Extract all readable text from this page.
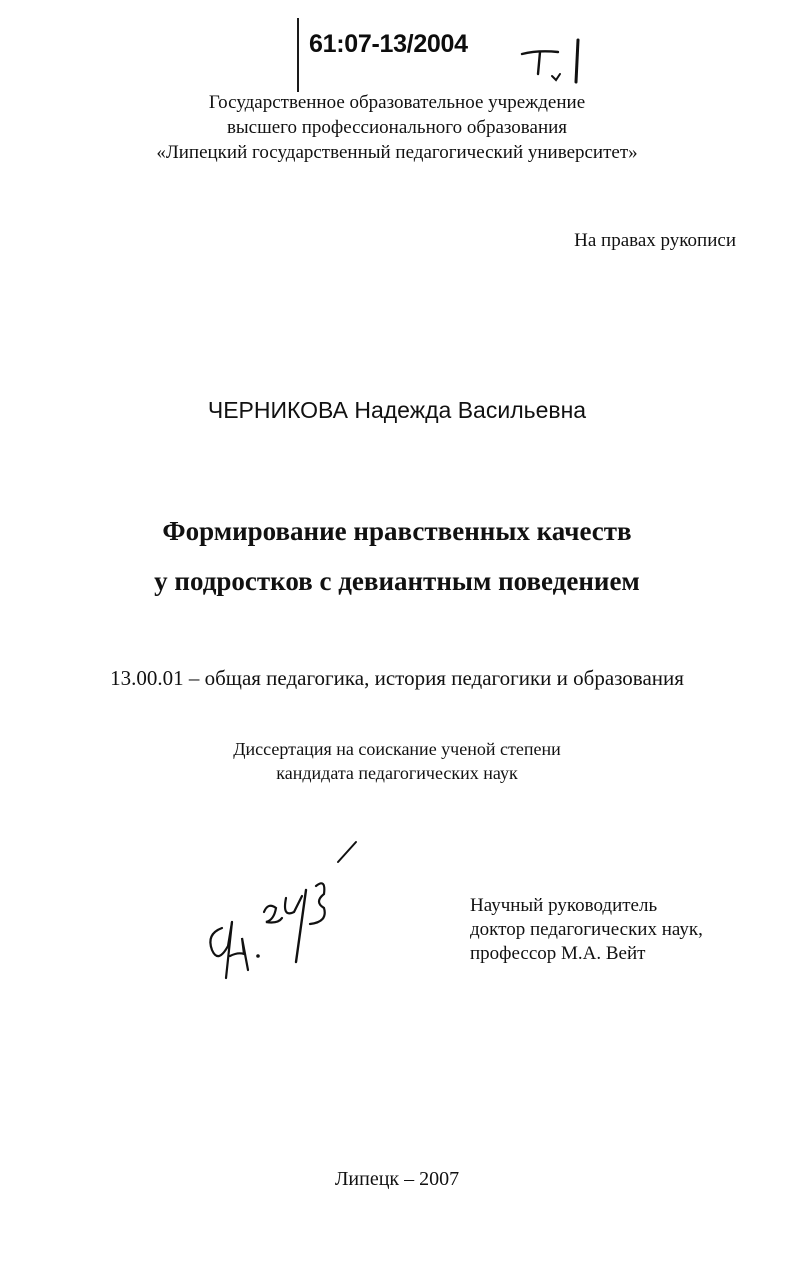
61:07-13/2004
Государственное образовательное учреждение
высшего профессионального образования
«Липецкий государственный педагогический университет»
На правах рукописи
ЧЕРНИКОВА Надежда Васильевна
Формирование нравственных качеств
у подростков с девиантным поведением
13.00.01 – общая педагогика, история педагогики и образования
Диссертация на соискание ученой степени
кандидата педагогических наук
Научный руководитель
доктор педагогических наук,
профессор М.А. Вейт
Липецк – 2007
